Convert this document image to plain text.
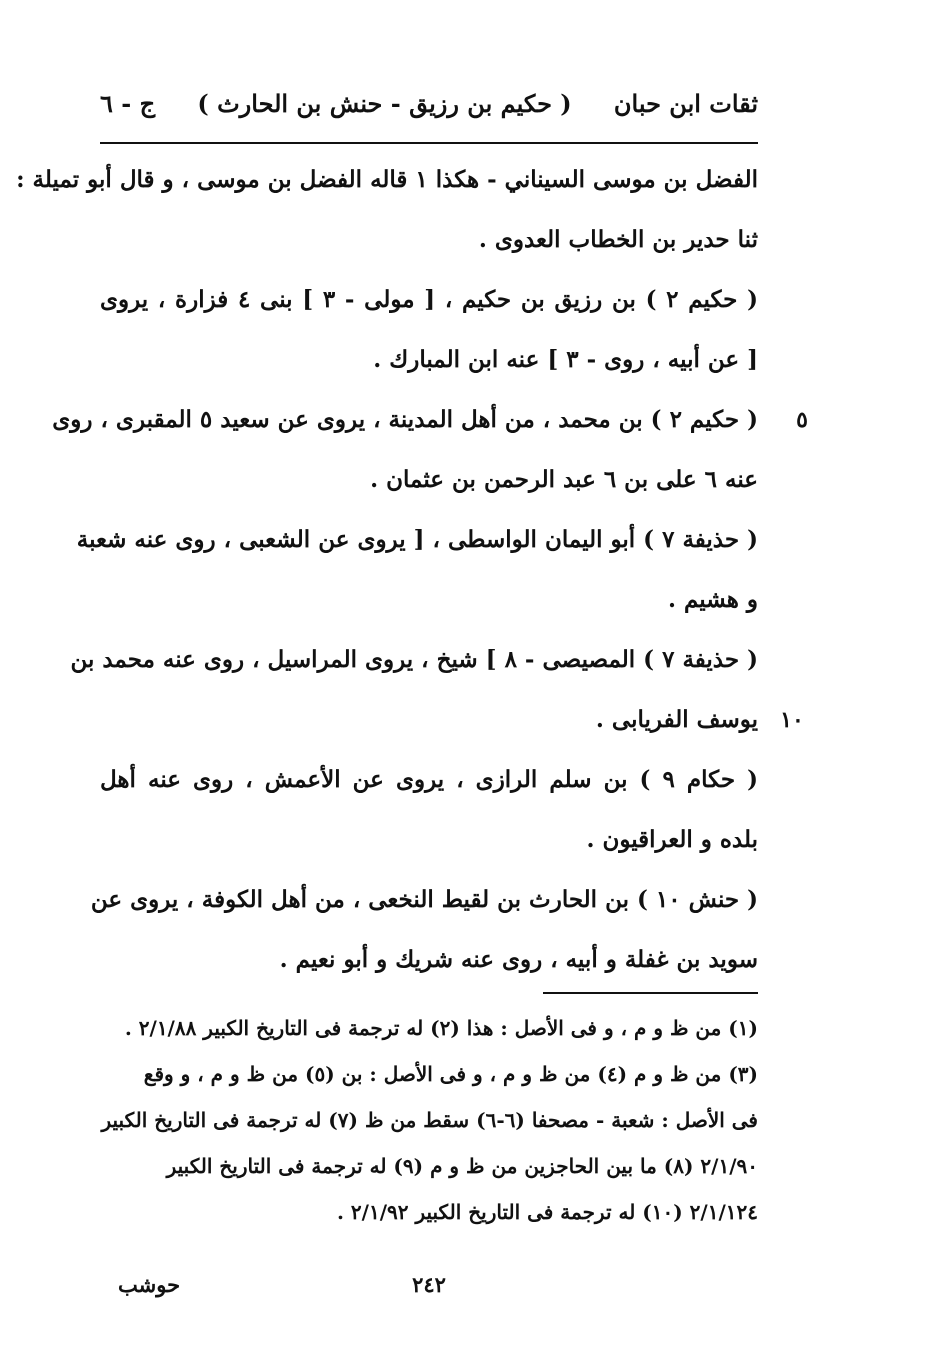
ثقات ابن حبان
( حكيم بن رزيق - حنش بن الحارث )
ج - ٦
الفضل بن موسى السيناني - هكذا ١ قاله الفضل بن موسى ، و قال أبو تميلة :
ثنا حدير بن الخطاب العدوى .
( حكيم ٢ ) بن رزيق بن حكيم ، [ مولى - ٣ ] بنى ٤ فزارة ، يروى
[ عن أبيه ، روى - ٣ ] عنه ابن المبارك .
( حكيم ٢ ) بن محمد ، من أهل المدينة ، يروى عن سعيد ٥ المقبرى ، روى	٥
عنه ٦ على بن ٦ عبد الرحمن بن عثمان .
( حذيفة ٧ ) أبو اليمان الواسطى ، [ يروى عن الشعبى ، روى عنه شعبة
و هشيم .
( حذيفة ٧ ) المصيصى - ٨ ] شيخ ، يروى المراسيل ، روى عنه محمد بن
يوسف الفريابى .	١٠
( حكام ٩ ) بن سلم الرازى ، يروى عن الأعمش ، روى عنه أهل
بلده و العراقيون .
( حنش ١٠ ) بن الحارث بن لقيط النخعى ، من أهل الكوفة ، يروى عن
سويد بن غفلة و أبيه ، روى عنه شريك و أبو نعيم .
(١) من ظ و م ، و فى الأصل : هذا (٢) له ترجمة فى التاريخ الكبير ٢/١/٨٨ .
(٣) من ظ و م (٤) من ظ و م ، و فى الأصل : بن (٥) من ظ و م ، و وقع
فى الأصل : شعبة - مصحفا (٦-٦) سقط من ظ (٧) له ترجمة فى التاريخ الكبير
٢/١/٩٠ (٨) ما بين الحاجزين من ظ و م (٩) له ترجمة فى التاريخ الكبير
٢/١/١٢٤ (١٠) له ترجمة فى التاريخ الكبير ٢/١/٩٢ .
٢٤٢
حوشب
